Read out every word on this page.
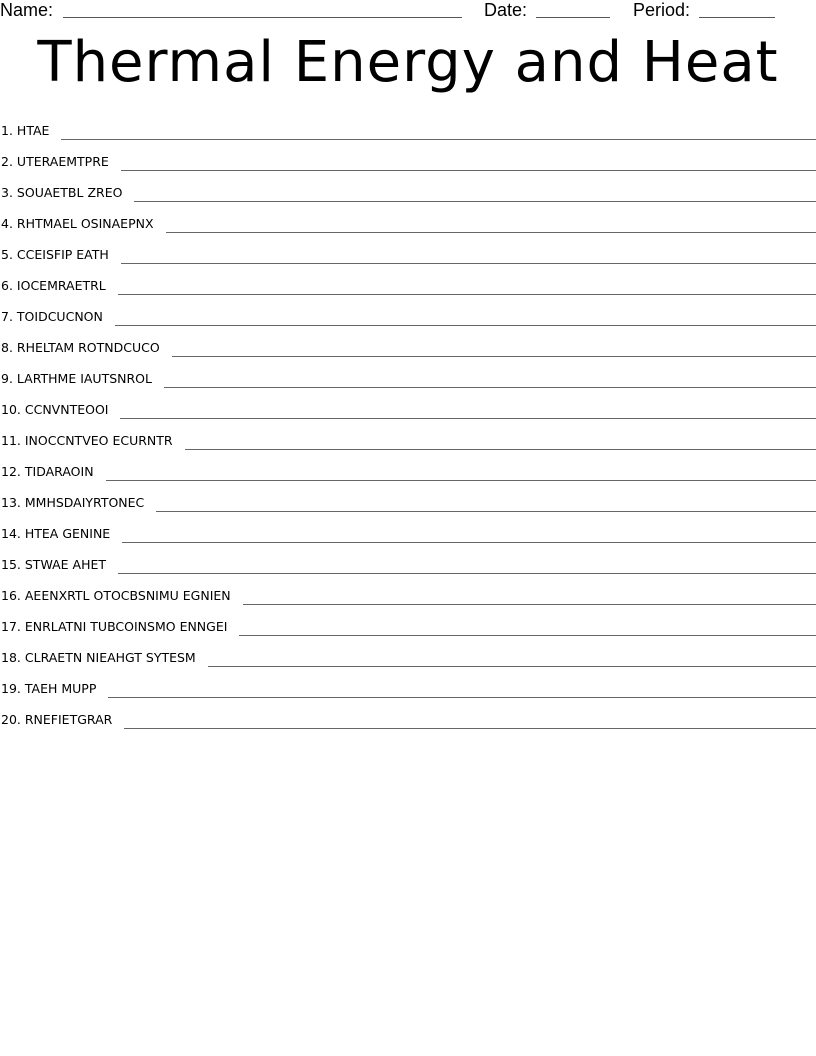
Name:	Date:	Period:
Thermal Energy and Heat
1. HTAE
2. UTERAEMTPRE
3. SOUAETBL ZREO
4. RHTMAEL OSINAEPNX
5. CCEISFIP EATH
6. IOCEMRAETRL
7. TOIDCUCNON
8. RHELTAM ROTNDCUCO
9. LARTHME IAUTSNROL
10. CCNVNTEOOI
11. INOCCNTVEO ECURNTR
12. TIDARAOIN
13. MMHSDAIYRTONEC
14. HTEA GENINE
15. STWAE AHET
16. AEENXRTL OTOCBSNIMU EGNIEN
17. ENRLATNI TUBCOINSMO ENNGEI
18. CLRAETN NIEAHGT SYTESM
19. TAEH MUPP
20. RNEFIETGRAR
